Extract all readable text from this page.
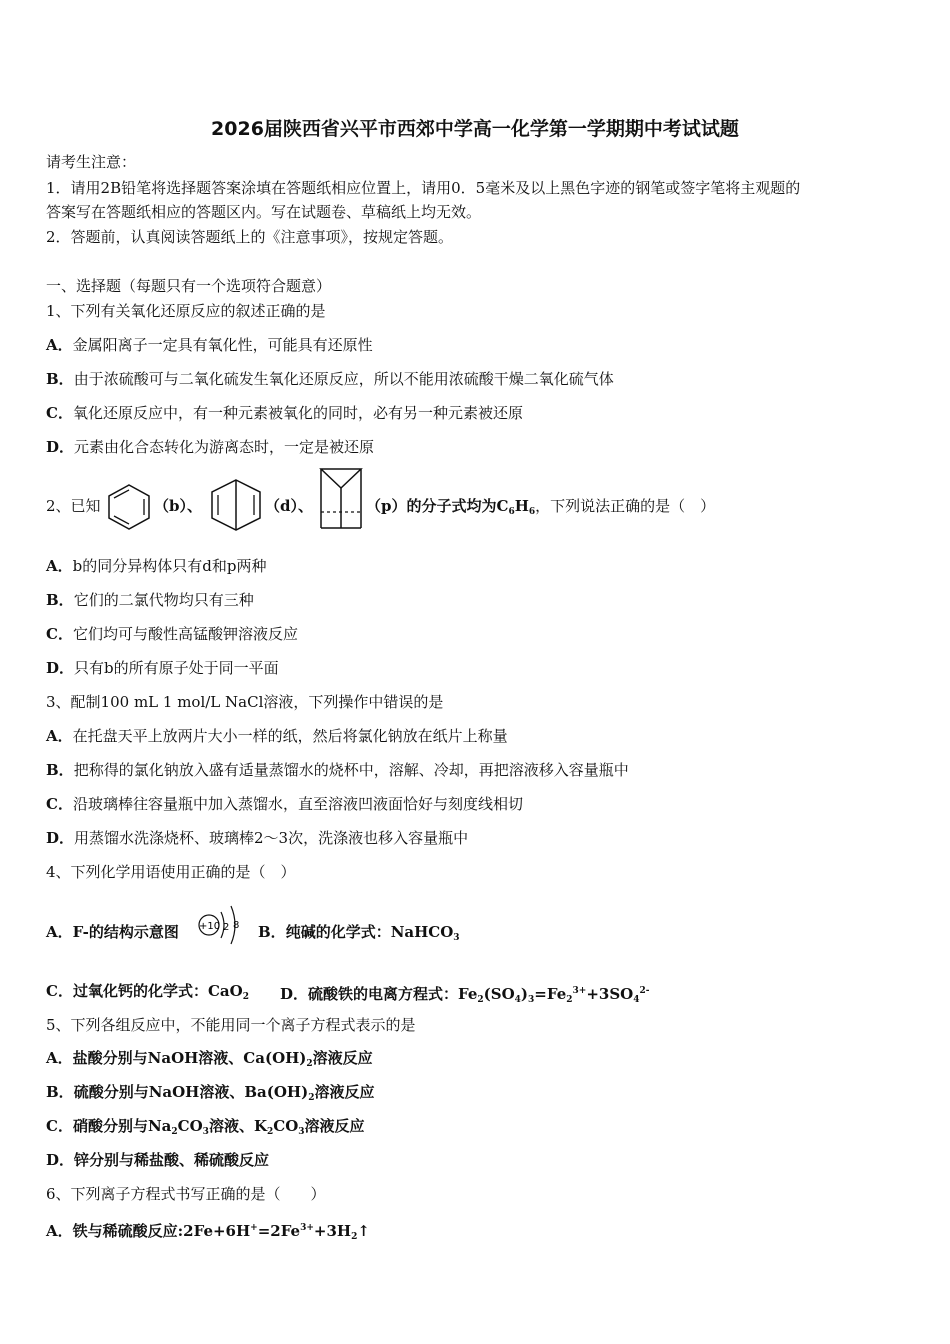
2026届陕西省兴平市西郊中学高一化学第一学期期中考试试题
请考生注意：
1．请用2B铅笔将选择题答案涂填在答题纸相应位置上，请用0．5毫米及以上黑色字迹的钢笔或签字笔将主观题的
答案写在答题纸相应的答题区内。写在试题卷、草稿纸上均无效。
2．答题前，认真阅读答题纸上的《注意事项》，按规定答题。
一、选择题（每题只有一个选项符合题意）
1、下列有关氧化还原反应的叙述正确的是
A．金属阳离子一定具有氧化性，可能具有还原性
B．由于浓硫酸可与二氧化硫发生氧化还原反应，所以不能用浓硫酸干燥二氧化硫气体
C．氧化还原反应中，有一种元素被氧化的同时，必有另一种元素被还原
D．元素由化合态转化为游离态时，一定是被还原
2、已知	（b）、	（d）、	（p）的分子式均为$C_6H_6$，下列说法正确的是（　）
A．b的同分异构体只有d和p两种
B．它们的二氯代物均只有三种
C．它们均可与酸性高锰酸钾溶液反应
D．只有b的所有原子处于同一平面
3、配制100 mL 1 mol/L NaCl溶液，下列操作中错误的是
A．在托盘天平上放两片大小一样的纸，然后将氯化钠放在纸片上称量
B．把称得的氯化钠放入盛有适量蒸馏水的烧杯中，溶解、冷却，再把溶液移入容量瓶中
C．沿玻璃棒往容量瓶中加入蒸馏水，直至溶液凹液面恰好与刻度线相切
D．用蒸馏水洗涤烧杯、玻璃棒2～3次，洗涤液也移入容量瓶中
4、下列化学用语使用正确的是（　）
A．F-的结构示意图 +10 2 8 B．纯碱的化学式：NaHCO$_3$
C．过氧化钙的化学式：CaO$_2$ D．硫酸铁的电离方程式：$Fe_2(SO_4)_3=Fe_2^{3+}+3SO_4^{2-}$
5、下列各组反应中，不能用同一个离子方程式表示的是
A．盐酸分别与NaOH溶液、$Ca(OH)_2$溶液反应
B．硫酸分别与NaOH溶液、$Ba(OH)_2$溶液反应
C．硝酸分别与$Na_2CO_3$溶液、$K_2CO_3$溶液反应
D．锌分别与稀盐酸、稀硫酸反应
6、下列离子方程式书写正确的是（　　）
A．铁与稀硫酸反应$:2Fe+6H^+=2Fe^{3+}+3H_2↑$
